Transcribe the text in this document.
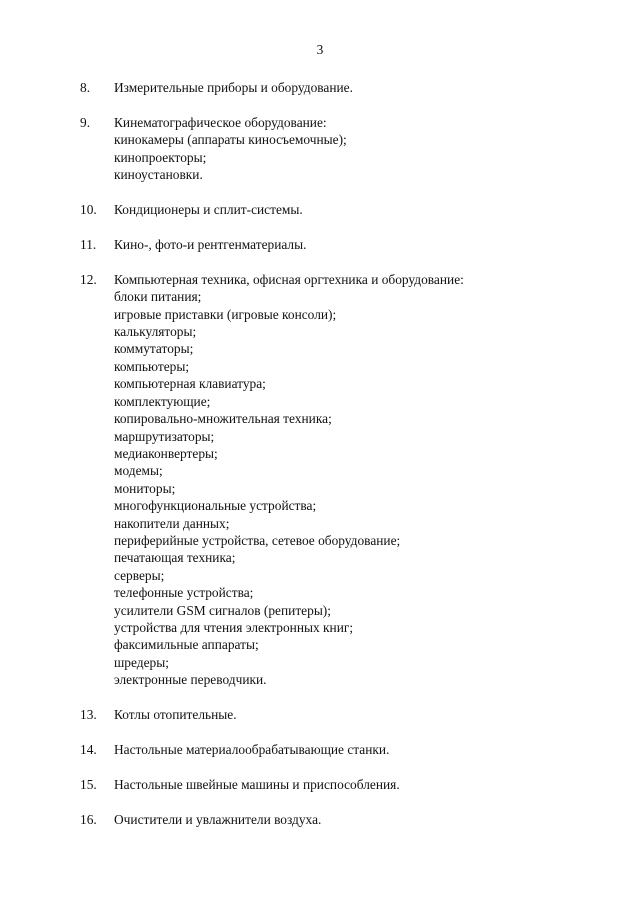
3
8.	Измерительные приборы и оборудование.
9.	Кинематографическое оборудование:
кинокамеры (аппараты киносъемочные);
кинопроекторы;
киноустановки.
10.	Кондиционеры и сплит-системы.
11.	Кино-, фото-и рентгенматериалы.
12.	Компьютерная техника, офисная оргтехника и оборудование:
блоки питания;
игровые приставки (игровые консоли);
калькуляторы;
коммутаторы;
компьютеры;
компьютерная клавиатура;
комплектующие;
копировально-множительная техника;
маршрутизаторы;
медиаконвертеры;
модемы;
мониторы;
многофункциональные устройства;
накопители данных;
периферийные устройства, сетевое оборудование;
печатающая техника;
серверы;
телефонные устройства;
усилители GSM сигналов (репитеры);
устройства для чтения электронных книг;
факсимильные аппараты;
шредеры;
электронные переводчики.
13.	Котлы отопительные.
14.	Настольные материалообрабатывающие станки.
15.	Настольные швейные машины и приспособления.
16.	Очистители и увлажнители воздуха.
